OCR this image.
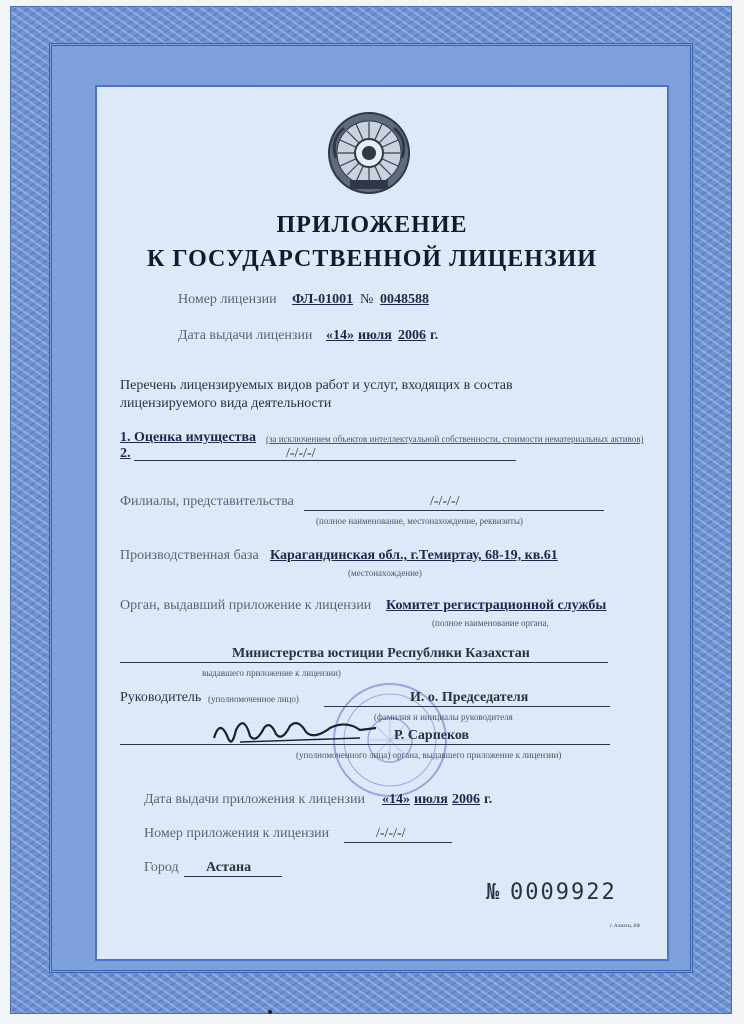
ПРИЛОЖЕНИЕ
К ГОСУДАРСТВЕННОЙ ЛИЦЕНЗИИ
Номер лицензии ФЛ-01001 № 0048588
Дата выдачи лицензии «14» июля 2006 г.
Перечень лицензируемых видов работ и услуг, входящих в состав
лицензируемого вида деятельности
1. Оценка имущества (за исключением объектов интеллектуальной собственности, стоимости нематериальных активов)
2.	/-/-/-/
Филиалы, представительства	/-/-/-/
(полное наименование, местонахождение, реквизиты)
Производственная база Карагандинская обл., г.Темиртау, 68-19, кв.61
(местонахождение)
Орган, выдавший приложение к лицензии Комитет регистрационной службы
(полное наименование органа,
Министерства юстиции Республики Казахстан
выдавшего приложение к лицензии)
Руководитель (уполномоченное лицо)	И. о. Председателя
(фамилия и инициалы руководителя
Р. Сарпеков
(уполномоченного лица) органа, выдавшего приложение к лицензии)
Дата выдачи приложения к лицензии «14» июля 2006 г.
Номер приложения к лицензии	/-/-/-/
Город Астана
№ 0009922
г. Алматы, БФ
